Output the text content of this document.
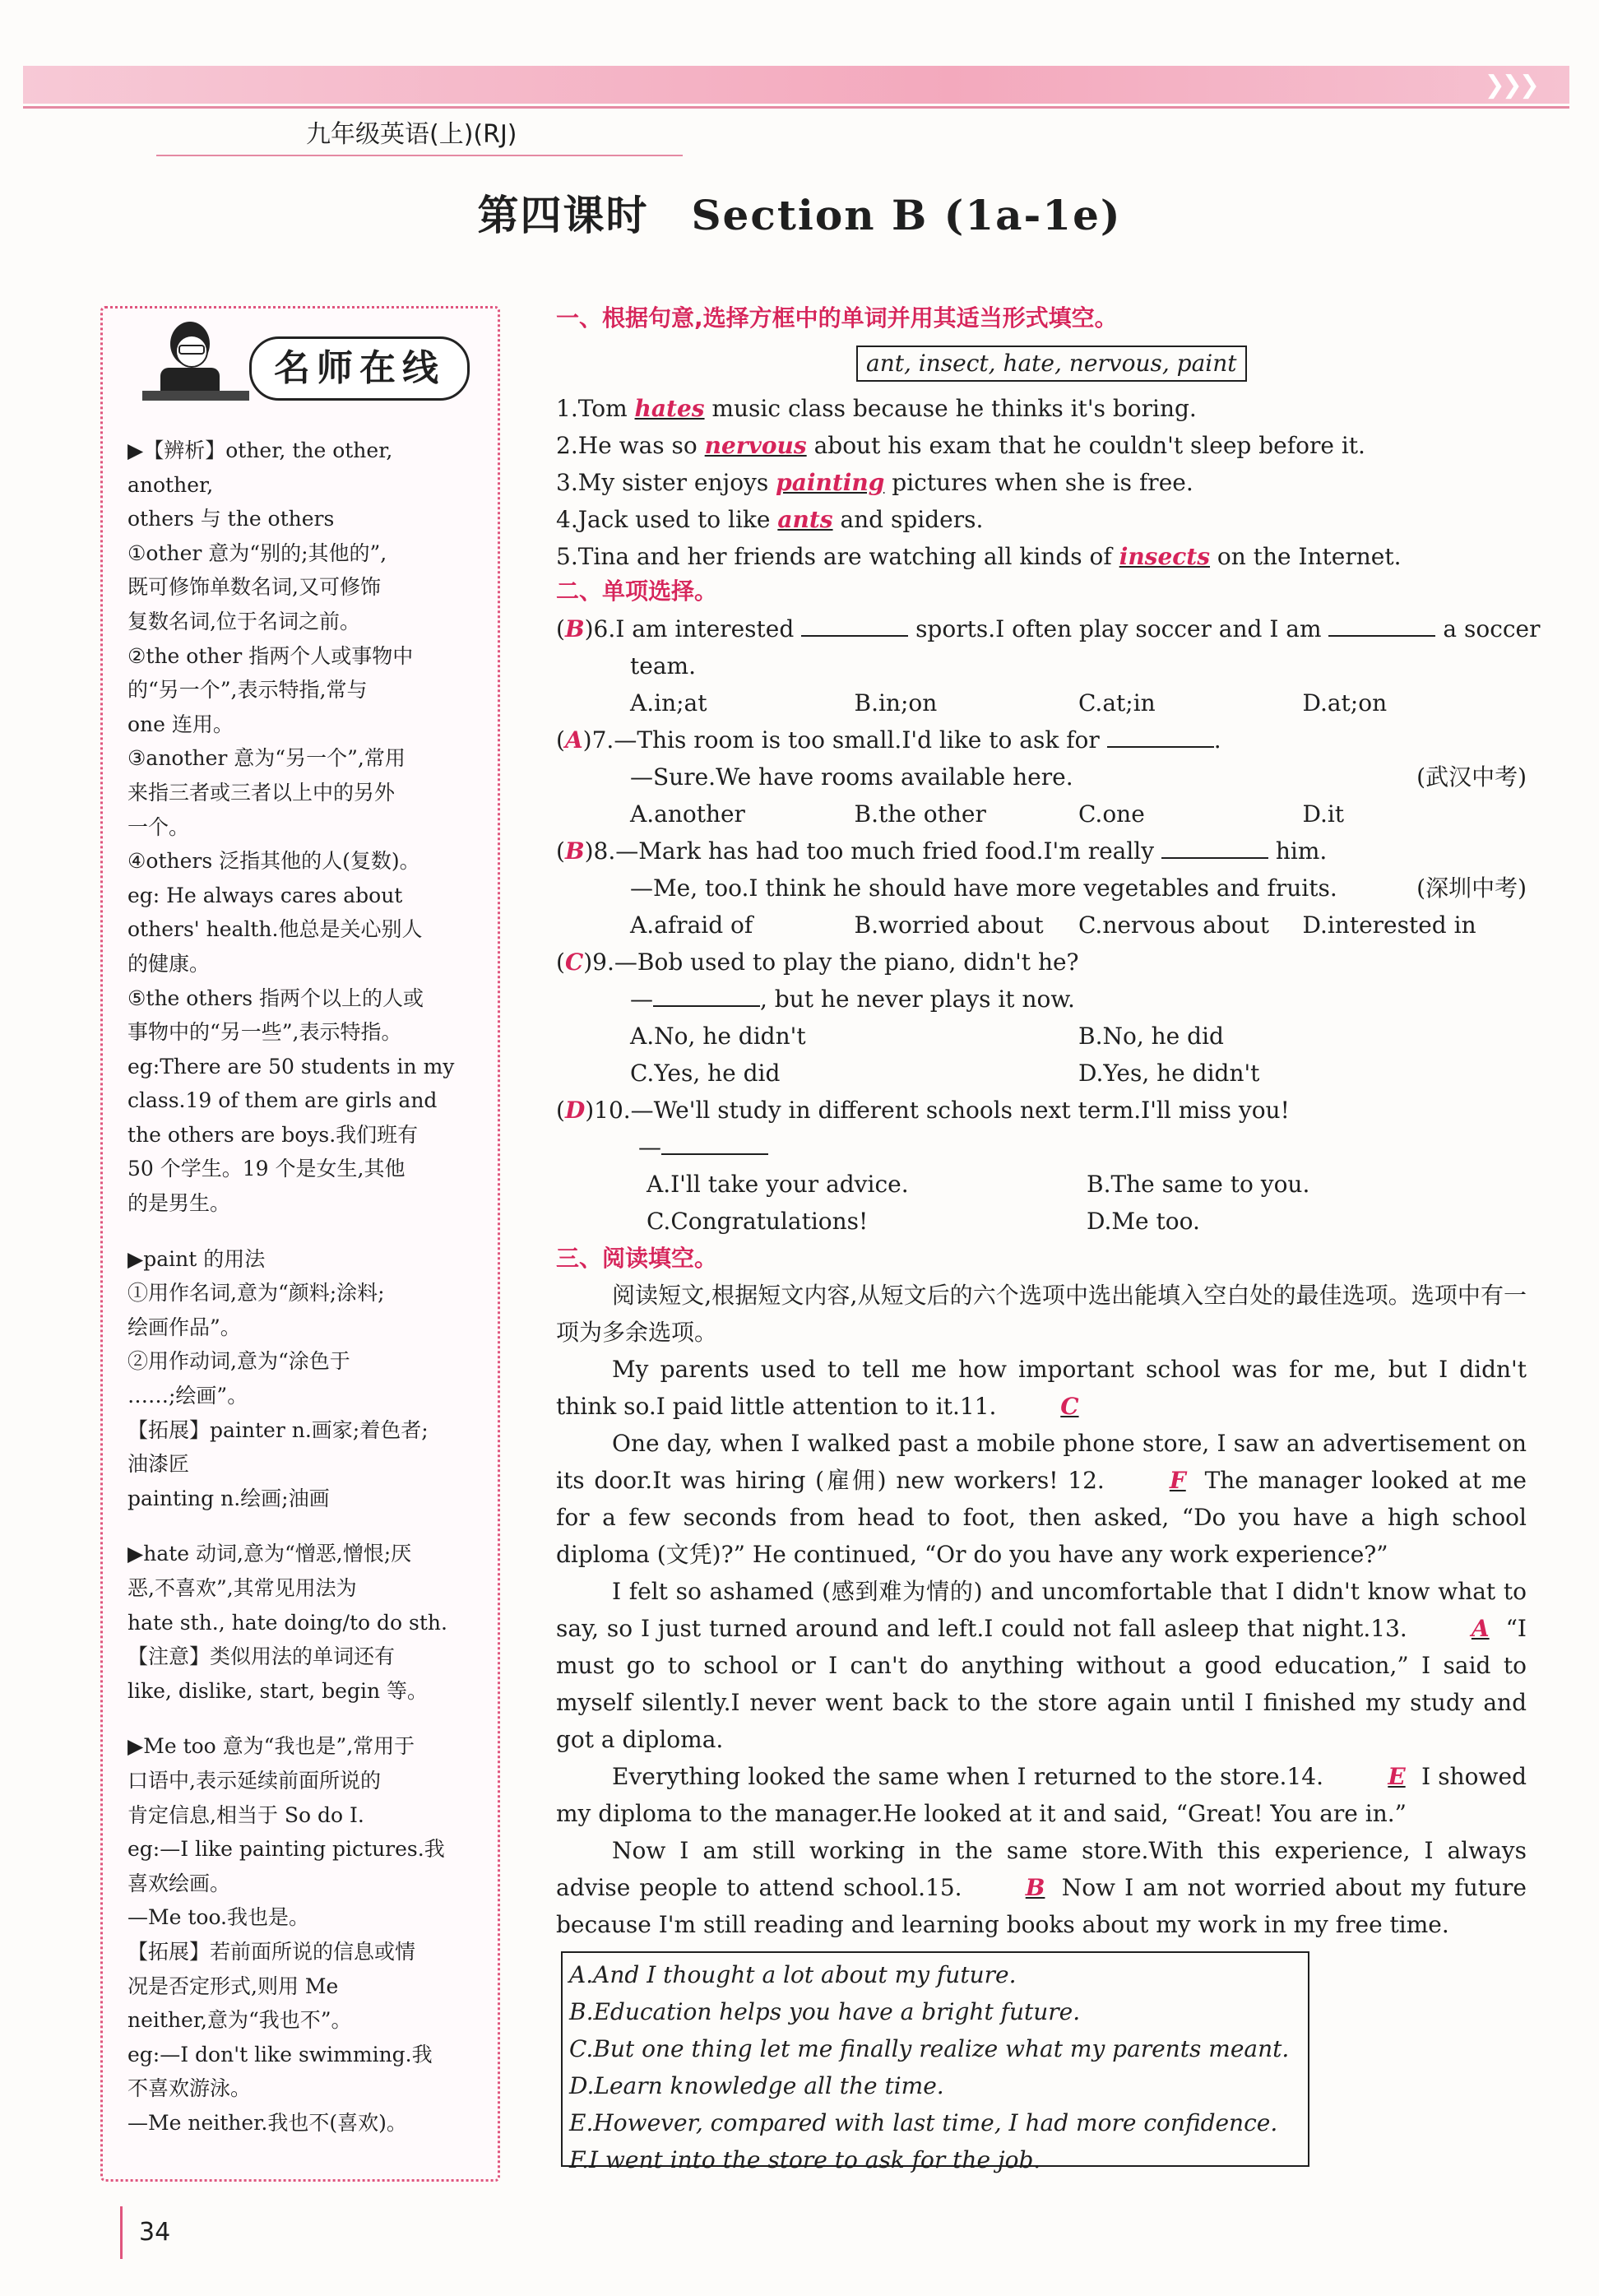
❯❯❯
九年级英语(上)(RJ)
第四课时　Section B (1a-1e)
名师在线

▶【辨析】other, the other, another,

others 与 the others

①other 意为“别的;其他的”,

既可修饰单数名词,又可修饰

复数名词,位于名词之前。

②the other 指两个人或事物中

的“另一个”,表示特指,常与

one 连用。

③another 意为“另一个”,常用

来指三者或三者以上中的另外

一个。

④others 泛指其他的人(复数)。

eg: He always cares about

others' health.他总是关心别人

的健康。

⑤the others 指两个以上的人或

事物中的“另一些”,表示特指。

eg:There are 50 students in my

class.19 of them are girls and

the others are boys.我们班有

50 个学生。19 个是女生,其他

的是男生。

▶paint 的用法

①用作名词,意为“颜料;涂料;

绘画作品”。

②用作动词,意为“涂色于

……;绘画”。

【拓展】painter n.画家;着色者;

油漆匠

painting n.绘画;油画

▶hate 动词,意为“憎恶,憎恨;厌

恶,不喜欢”,其常见用法为

hate sth., hate doing/to do sth.

【注意】类似用法的单词还有

like, dislike, start, begin 等。

▶Me too 意为“我也是”,常用于

口语中,表示延续前面所说的

肯定信息,相当于 So do I.

eg:—I like painting pictures.我

喜欢绘画。

—Me too.我也是。

【拓展】若前面所说的信息或情

况是否定形式,则用 Me

neither,意为“我也不”。

eg:—I don't like swimming.我

不喜欢游泳。

—Me neither.我也不(喜欢)。

一、根据句意,选择方框中的单词并用其适当形式填空。
ant, insect, hate, nervous, paint
1.Tom hates music class because he thinks it's boring.
2.He was so nervous about his exam that he couldn't sleep before it.
3.My sister enjoys painting pictures when she is free.
4.Jack used to like ants and spiders.
5.Tina and her friends are watching all kinds of insects on the Internet.
二、单项选择。
(B)6.I am interested	sports.I often play soccer and I am	a soccer
team.
A.in;at	B.in;on	C.at;in	D.at;on
(A)7.—This room is too small.I'd like to ask for	.
—Sure.We have rooms available here.	(武汉中考)
A.another	B.the other	C.one	D.it
(B)8.—Mark has had too much fried food.I'm really	him.
—Me, too.I think he should have more vegetables and fruits.	(深圳中考)
A.afraid of	B.worried about	C.nervous about	D.interested in
(C)9.—Bob used to play the piano, didn't he?
—	, but he never plays it now.
A.No, he didn't	B.No, he did
C.Yes, he did	D.Yes, he didn't
(D)10.—We'll study in different schools next term.I'll miss you!
—
A.I'll take your advice.	B.The same to you.
C.Congratulations!	D.Me too.
三、阅读填空。
阅读短文,根据短文内容,从短文后的六个选项中选出能填入空白处的最佳选项。选项中有一项为多余选项。
My parents used to tell me how important school was for me, but I didn't think so.I paid little attention to it.11.	C
One day, when I walked past a mobile phone store, I saw an advertisement on its door.It was hiring (雇佣) new workers! 12.	F The manager looked at me for a few seconds from head to foot, then asked, “Do you have a high school diploma (文凭)?” He continued, “Or do you have any work experience?”
I felt so ashamed (感到难为情的) and uncomfortable that I didn't know what to say, so I just turned around and left.I could not fall asleep that night.13.	A “I must go to school or I can't do anything without a good education,” I said to myself silently.I never went back to the store again until I finished my study and got a diploma.
Everything looked the same when I returned to the store.14.	E I showed my diploma to the manager.He looked at it and said, “Great! You are in.”
Now I am still working in the same store.With this experience, I always advise people to attend school.15.	B Now I am not worried about my future because I'm still reading and learning books about my work in my free time.
A.And I thought a lot about my future.
B.Education helps you have a bright future.
C.But one thing let me finally realize what my parents meant.
D.Learn knowledge all the time.
E.However, compared with last time, I had more confidence.
F.I went into the store to ask for the job.
34
